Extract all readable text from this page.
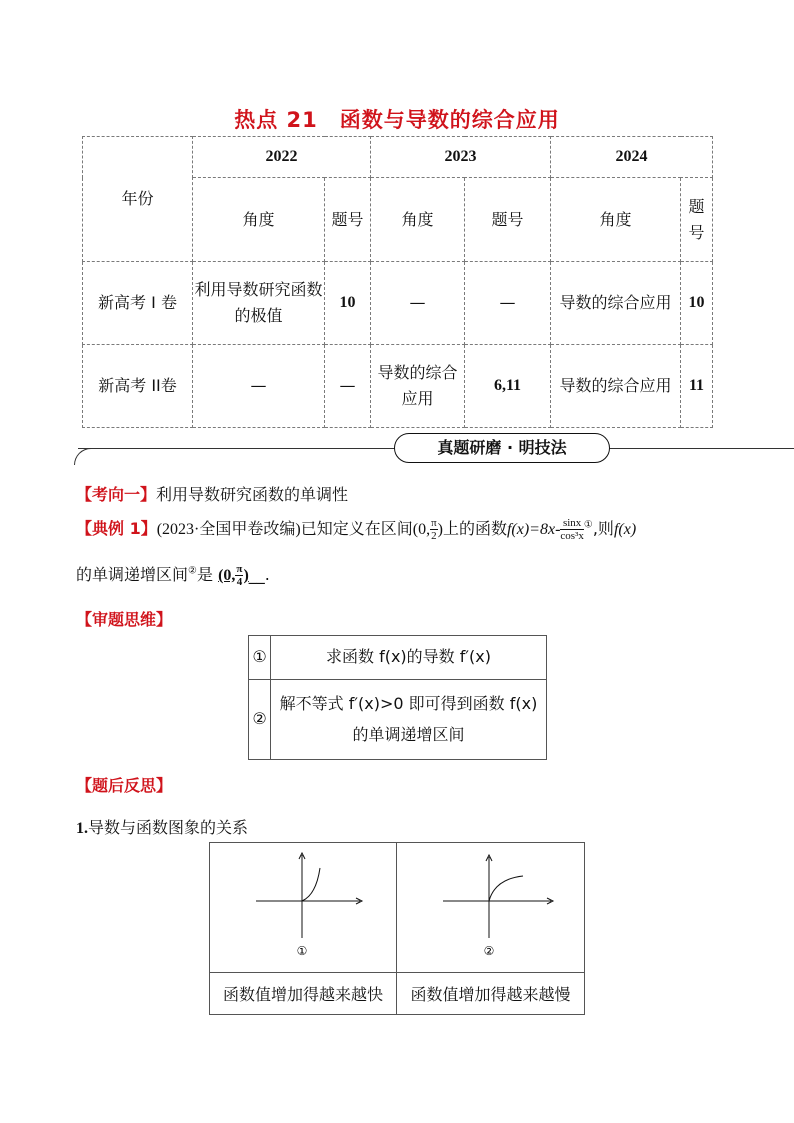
热点 21　函数与导数的综合应用
年份	2022		2023		2024	
	角度	题号	角度	题号	角度	题号
新高考 I 卷	利用导数研究函数的极值	10	—	—	导数的综合应用	10
新高考 II卷	—	—	导数的综合应用	6,11	导数的综合应用	11
真题研磨 · 明技法
【考向一】利用导数研究函数的单调性
【典例 1】(2023·全国甲卷改编)已知定义在区间(0, $\frac{\pi}{2}$ )上的函数$f(x)=8x- \frac{\sin x}{\text{cos³x}} ^①$,则f(x)
的单调递增区间②是 (0, $\frac{\pi}{4}$ )__.
【审题思维】
①	求函数 f(x)的导数 f′(x)
②	解不等式 f′(x)>0 即可得到函数 f(x)
的单调递增区间
【题后反思】
1.导数与函数图象的关系
①	②

函数值增加得越来越快	函数值增加得越来越慢
